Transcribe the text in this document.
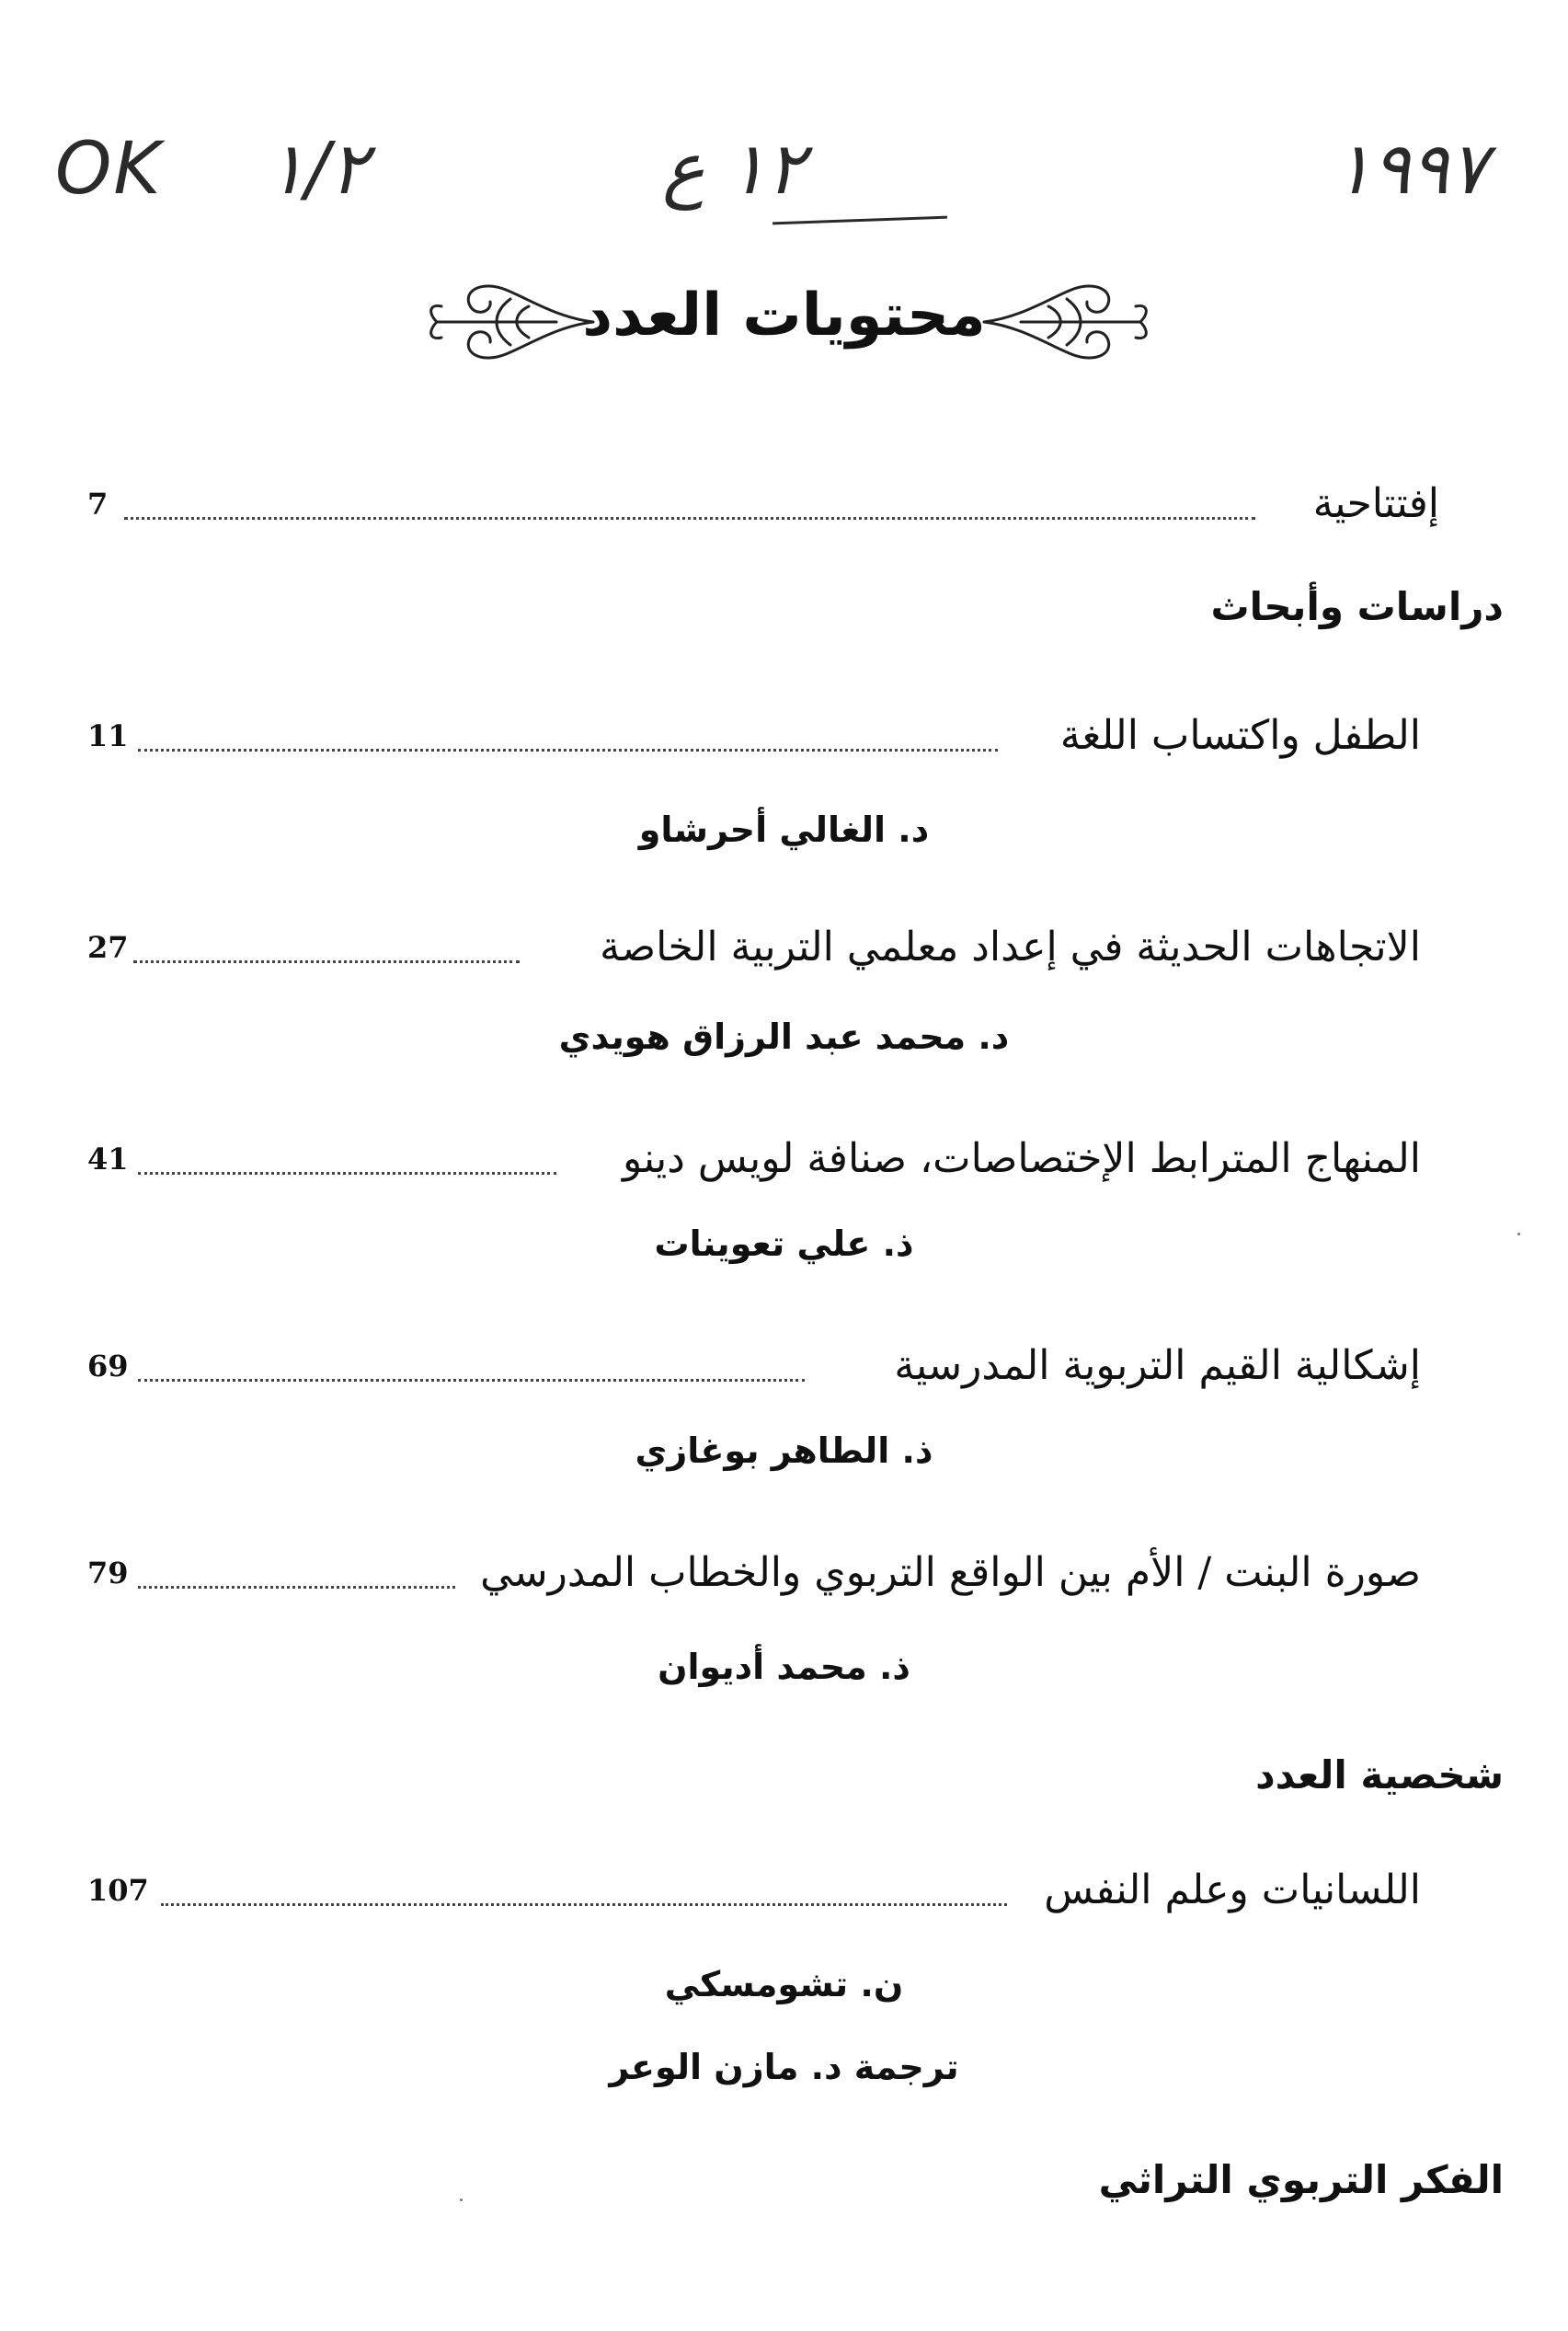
OK ١/٢	١٢ ع	١٩٩٧
محتويات العدد
إفتتاحية
7
دراسات وأبحاث
الطفل واكتساب اللغة
11
د. الغالي أحرشاو
الاتجاهات الحديثة في إعداد معلمي التربية الخاصة
27
د. محمد عبد الرزاق هويدي
المنهاج المترابط الإختصاصات، صنافة لويس دينو
41
ذ. علي تعوينات
إشكالية القيم التربوية المدرسية
69
ذ. الطاهر بوغازي
صورة البنت / الأم بين الواقع التربوي والخطاب المدرسي
79
ذ. محمد أديوان
شخصية العدد
اللسانيات وعلم النفس
107
ن. تشومسكي
ترجمة د. مازن الوعر
الفكر التربوي التراثي
